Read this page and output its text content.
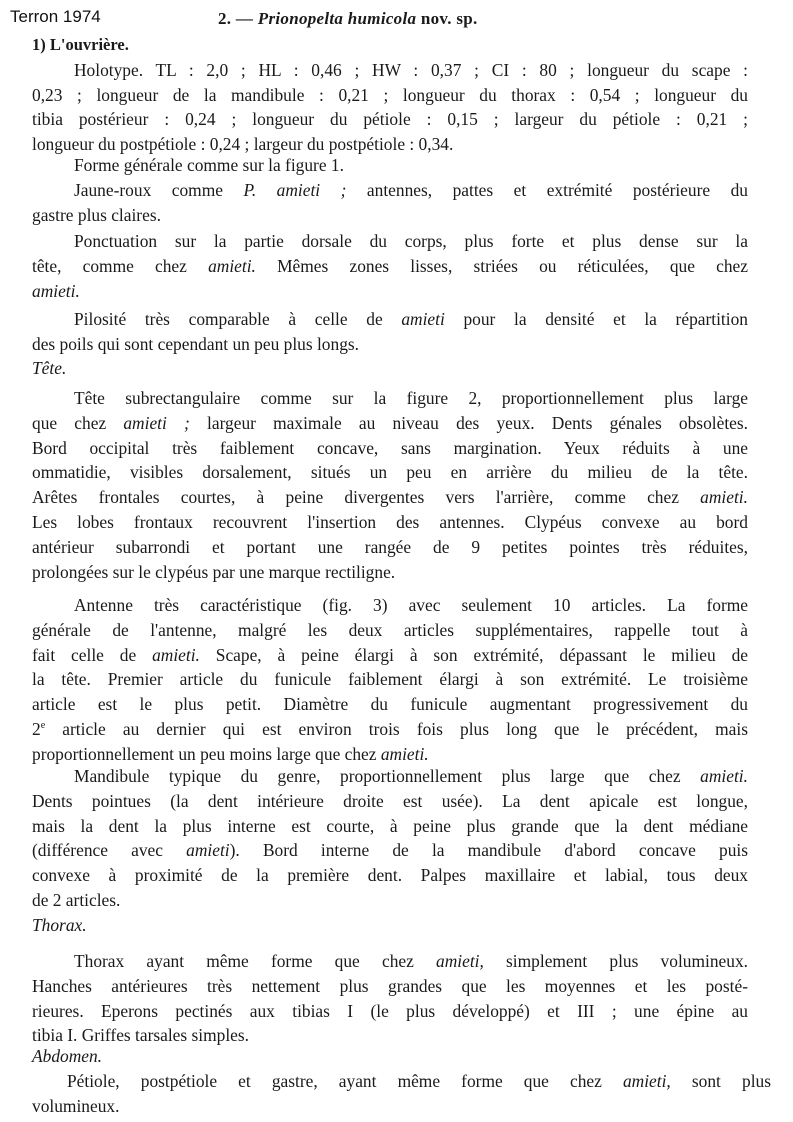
Terron 1974	2. — Prionopelta humicola nov. sp.
1) L'ouvrière.
Holotype. TL : 2,0 ; HL : 0,46 ; HW : 0,37 ; CI : 80 ; longueur du scape :
0,23 ; longueur de la mandibule : 0,21 ; longueur du thorax : 0,54 ; longueur du
tibia postérieur : 0,24 ; longueur du pétiole : 0,15 ; largeur du pétiole : 0,21 ;
longueur du postpétiole : 0,24 ; largeur du postpétiole : 0,34.
Forme générale comme sur la figure 1.
Jaune-roux comme P. amieti ; antennes, pattes et extrémité postérieure du
gastre plus claires.
Ponctuation sur la partie dorsale du corps, plus forte et plus dense sur la
tête, comme chez amieti. Mêmes zones lisses, striées ou réticulées, que chez
amieti.
Pilosité très comparable à celle de amieti pour la densité et la répartition
des poils qui sont cependant un peu plus longs.
Tête.
Tête subrectangulaire comme sur la figure 2, proportionnellement plus large
que chez amieti ; largeur maximale au niveau des yeux. Dents génales obsolètes.
Bord occipital très faiblement concave, sans margination. Yeux réduits à une
ommatidie, visibles dorsalement, situés un peu en arrière du milieu de la tête.
Arêtes frontales courtes, à peine divergentes vers l'arrière, comme chez amieti.
Les lobes frontaux recouvrent l'insertion des antennes. Clypéus convexe au bord
antérieur subarrondi et portant une rangée de 9 petites pointes très réduites,
prolongées sur le clypéus par une marque rectiligne.
Antenne très caractéristique (fig. 3) avec seulement 10 articles. La forme
générale de l'antenne, malgré les deux articles supplémentaires, rappelle tout à
fait celle de amieti. Scape, à peine élargi à son extrémité, dépassant le milieu de
la tête. Premier article du funicule faiblement élargi à son extrémité. Le troisième
article est le plus petit. Diamètre du funicule augmentant progressivement du
2e article au dernier qui est environ trois fois plus long que le précédent, mais
proportionnellement un peu moins large que chez amieti.
Mandibule typique du genre, proportionnellement plus large que chez amieti.
Dents pointues (la dent intérieure droite est usée). La dent apicale est longue,
mais la dent la plus interne est courte, à peine plus grande que la dent médiane
(différence avec amieti). Bord interne de la mandibule d'abord concave puis
convexe à proximité de la première dent. Palpes maxillaire et labial, tous deux
de 2 articles.
Thorax.
Thorax ayant même forme que chez amieti, simplement plus volumineux.
Hanches antérieures très nettement plus grandes que les moyennes et les posté-
rieures. Eperons pectinés aux tibias I (le plus développé) et III ; une épine au
tibia I. Griffes tarsales simples.
Abdomen.
Pétiole, postpétiole et gastre, ayant même forme que chez amieti, sont plus
volumineux.
